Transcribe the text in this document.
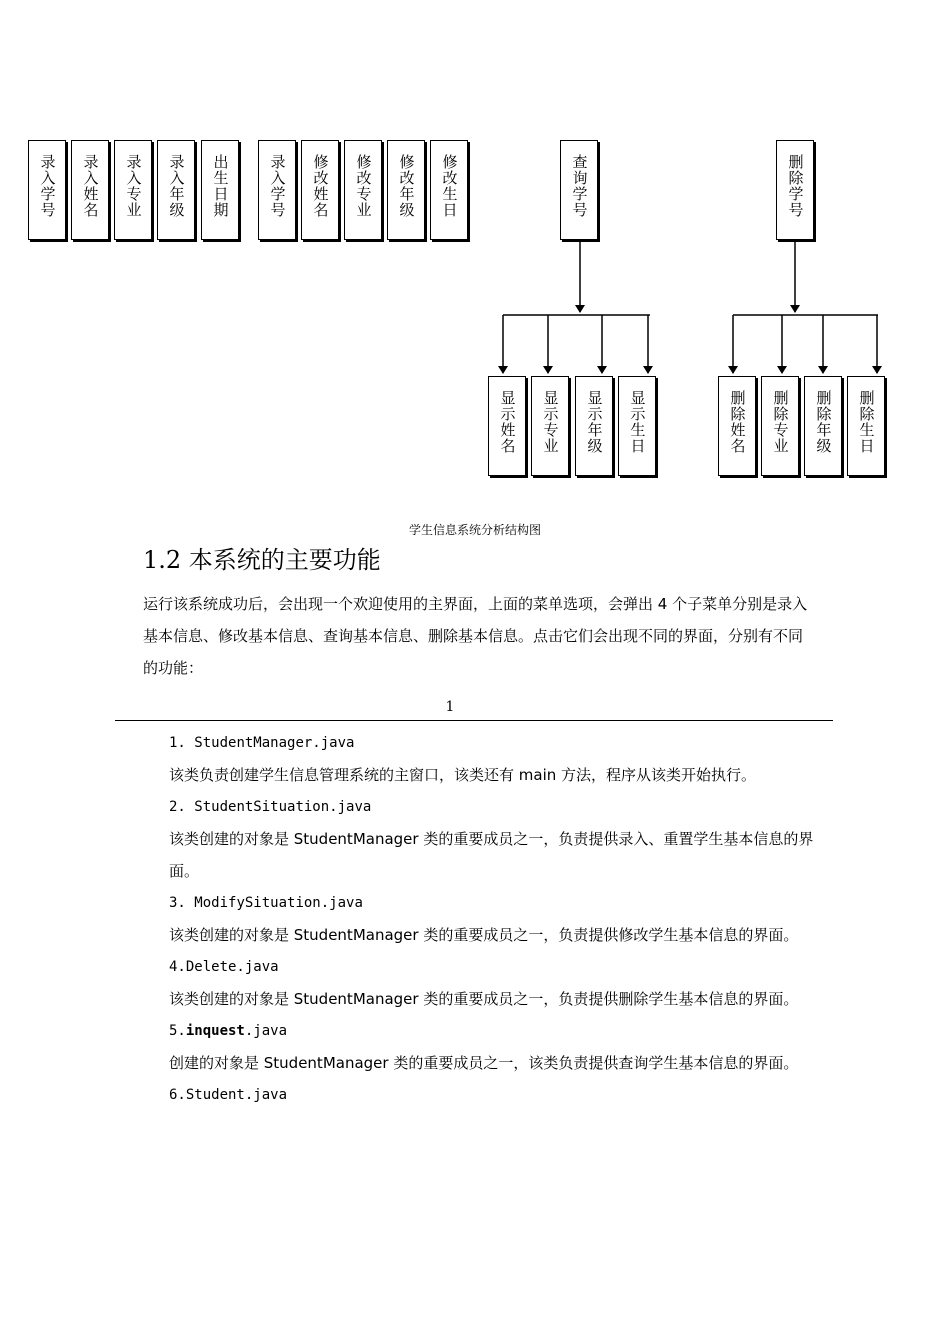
录入学号 录入姓名 录入专业 录入年级 出生日期	录入学号 修改姓名 修改专业 修改年级 修改生日	查询学号	删除学号
显示姓名 显示专业 显示年级 显示生日	删除姓名 删除专业 删除年级 删除生日
学生信息系统分析结构图
1.2 本系统的主要功能

运行该系统成功后，会出现一个欢迎使用的主界面，上面的菜单选项，会弹出 4 个子菜单分别是录入基本信息、修改基本信息、查询基本信息、删除基本信息。点击它们会出现不同的界面，分别有不同的功能：

1
1. StudentManager.java

该类负责创建学生信息管理系统的主窗口，该类还有 main 方法，程序从该类开始执行。

2. StudentSituation.java

该类创建的对象是 StudentManager 类的重要成员之一，负责提供录入、重置学生基本信息的界面。

3. ModifySituation.java

该类创建的对象是 StudentManager 类的重要成员之一，负责提供修改学生基本信息的界面。

4.Delete.java

该类创建的对象是 StudentManager 类的重要成员之一，负责提供删除学生基本信息的界面。

5.inquest.java

创建的对象是 StudentManager 类的重要成员之一，该类负责提供查询学生基本信息的界面。

6.Student.java
